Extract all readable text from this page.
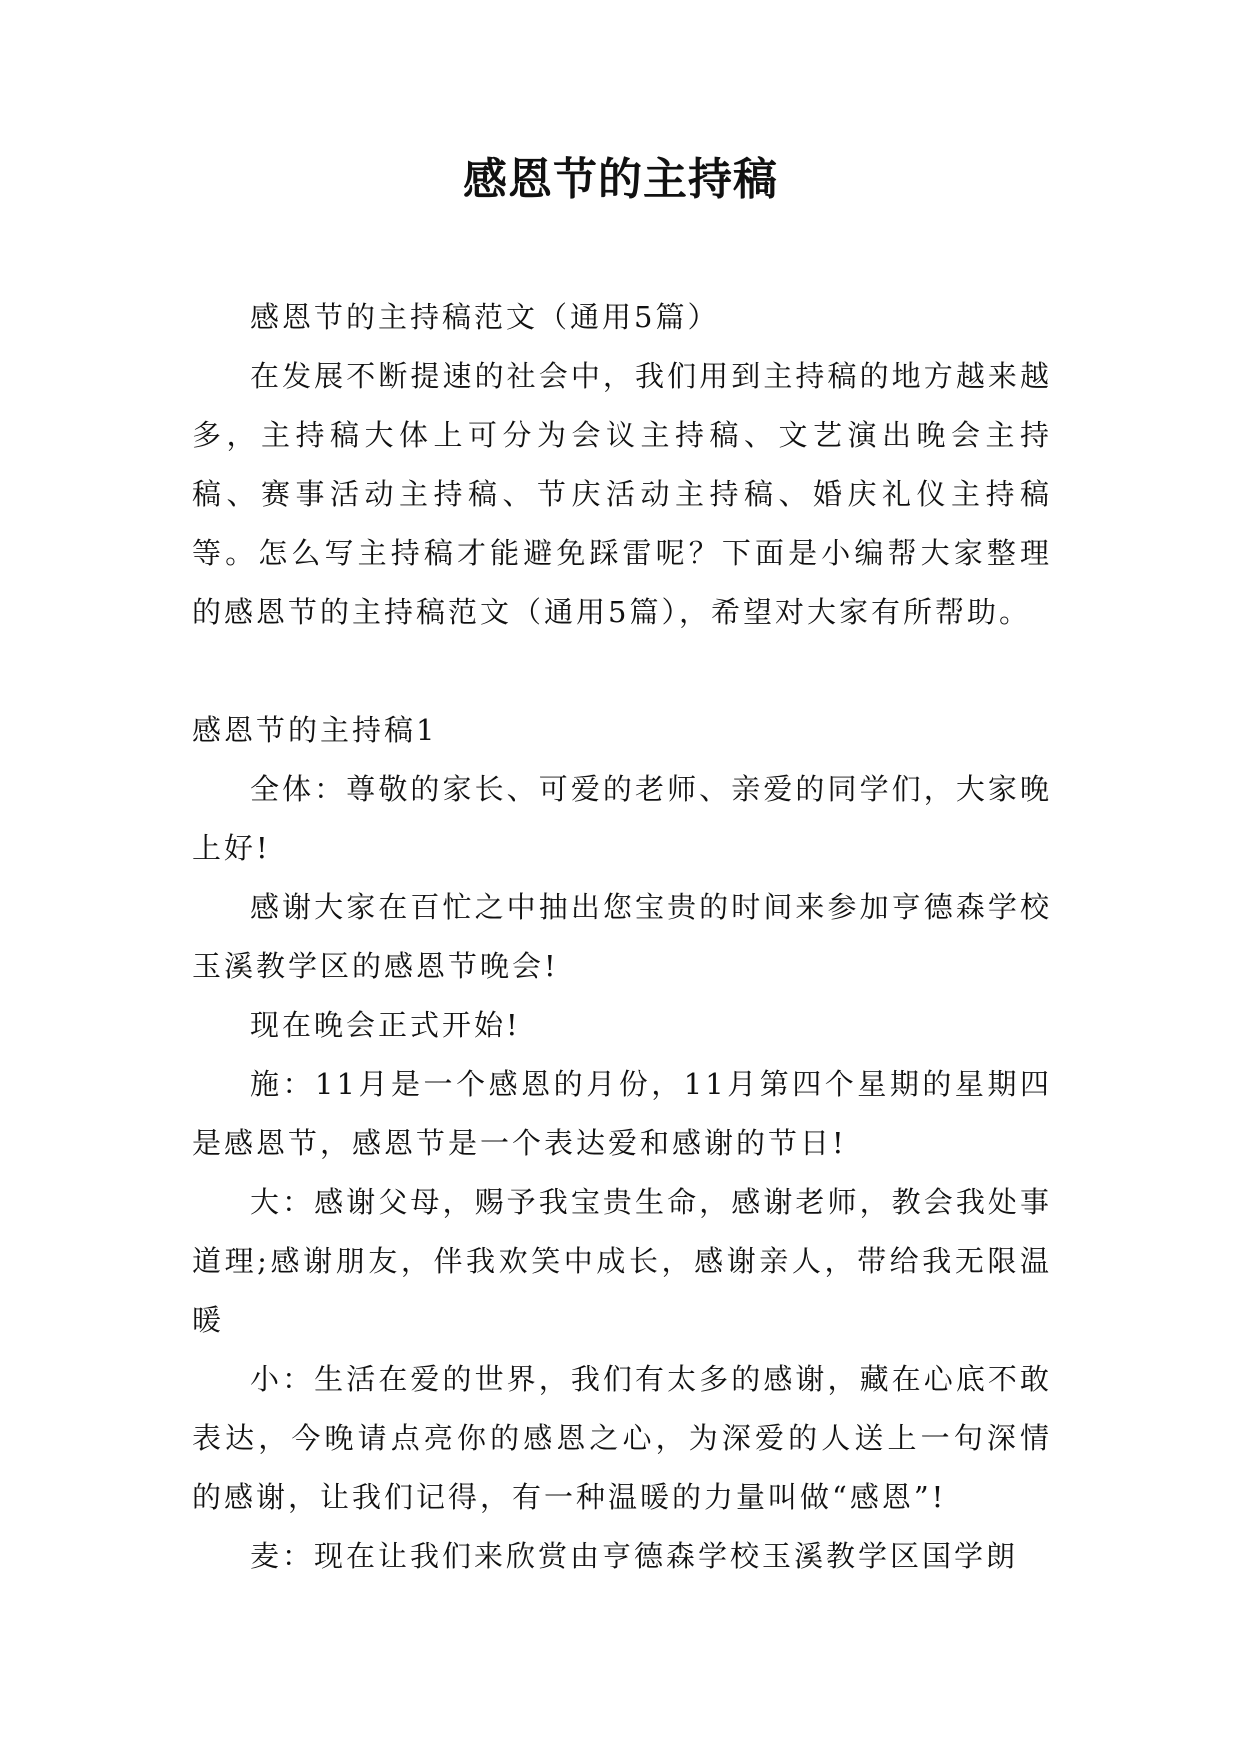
感恩节的主持稿

感恩节的主持稿范文（通用5篇）

在发展不断提速的社会中，我们用到主持稿的地方越来越多，主持稿大体上可分为会议主持稿、文艺演出晚会主持稿、赛事活动主持稿、节庆活动主持稿、婚庆礼仪主持稿等。怎么写主持稿才能避免踩雷呢？下面是小编帮大家整理的感恩节的主持稿范文（通用5篇），希望对大家有所帮助。

感恩节的主持稿1

全体：尊敬的家长、可爱的老师、亲爱的同学们，大家晚上好!

感谢大家在百忙之中抽出您宝贵的时间来参加亨德森学校玉溪教学区的感恩节晚会!

现在晚会正式开始!

施：11月是一个感恩的月份，11月第四个星期的星期四是感恩节，感恩节是一个表达爱和感谢的节日!

大：感谢父母，赐予我宝贵生命，感谢老师，教会我处事道理;感谢朋友，伴我欢笑中成长，感谢亲人，带给我无限温暖

小：生活在爱的世界，我们有太多的感谢，藏在心底不敢表达，今晚请点亮你的感恩之心，为深爱的人送上一句深情的感谢，让我们记得，有一种温暖的力量叫做“感恩”!

麦：现在让我们来欣赏由亨德森学校玉溪教学区国学朗
